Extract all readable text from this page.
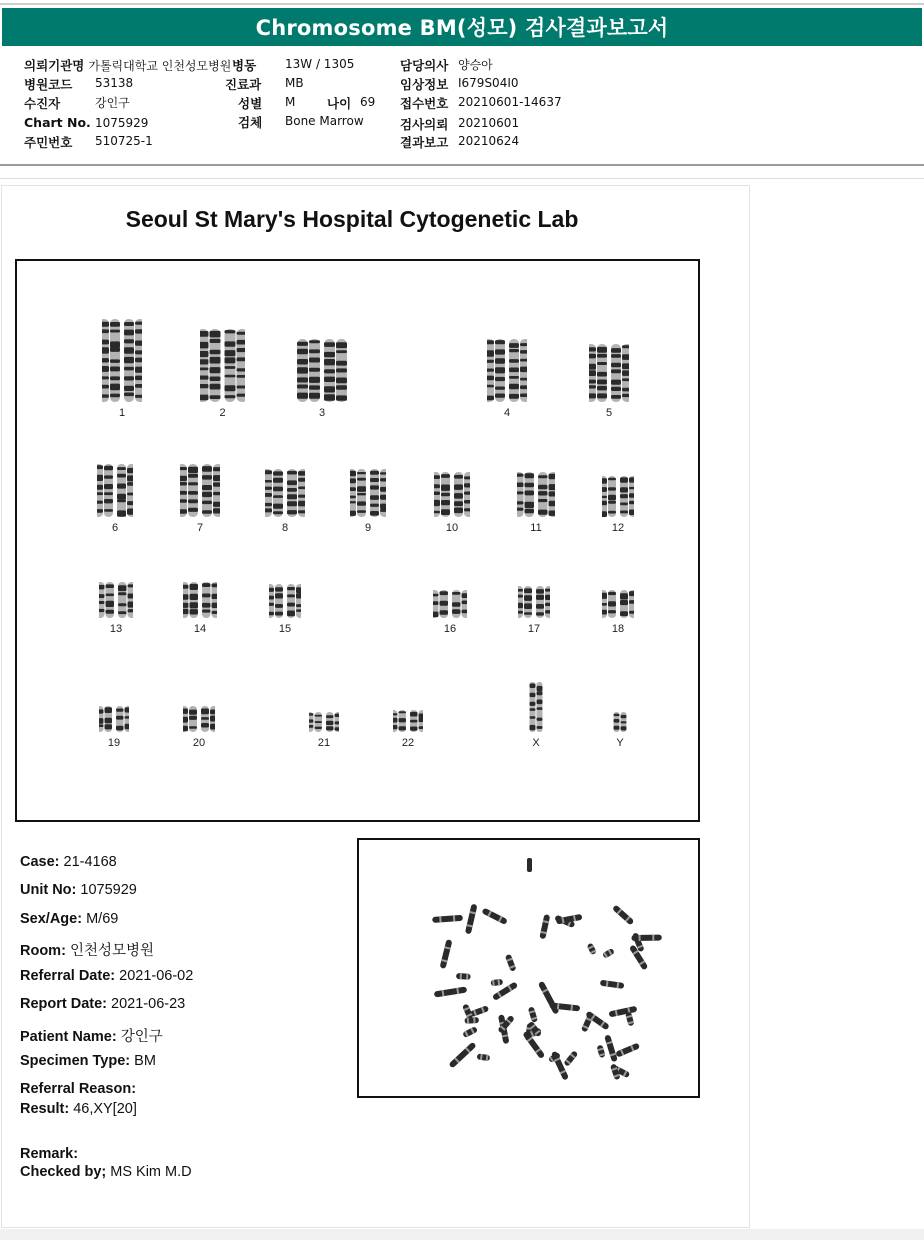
Chromosome BM(성모) 검사결과보고서
의뢰기관명 가톨릭대학교 인천성모병원
병원코드 53138
수진자	강인구
Chart No. 1075929
주민번호 510725-1
병동 13W / 1305
진료과 MB
성별 M	나이 69
검체 Bone Marrow
담당의사 양승아
임상정보 I679S04I0
접수번호 20210601-14637
검사의뢰 20210601
결과보고 20210624
Seoul St Mary's Hospital Cytogenetic Lab
1	2	3	4	5
6	7	8	9	10	11	12
13	14	15	16	17	18
19	20	21	22	X	Y
Case: 21-4168
Unit No: 1075929
Sex/Age: M/69
Room: 인천성모병원
Referral Date: 2021-06-02
Report Date: 2021-06-23
Patient Name: 강인구
Specimen Type: BM
Referral Reason:
Result: 46,XY[20]
Remark:
Checked by; MS Kim M.D
